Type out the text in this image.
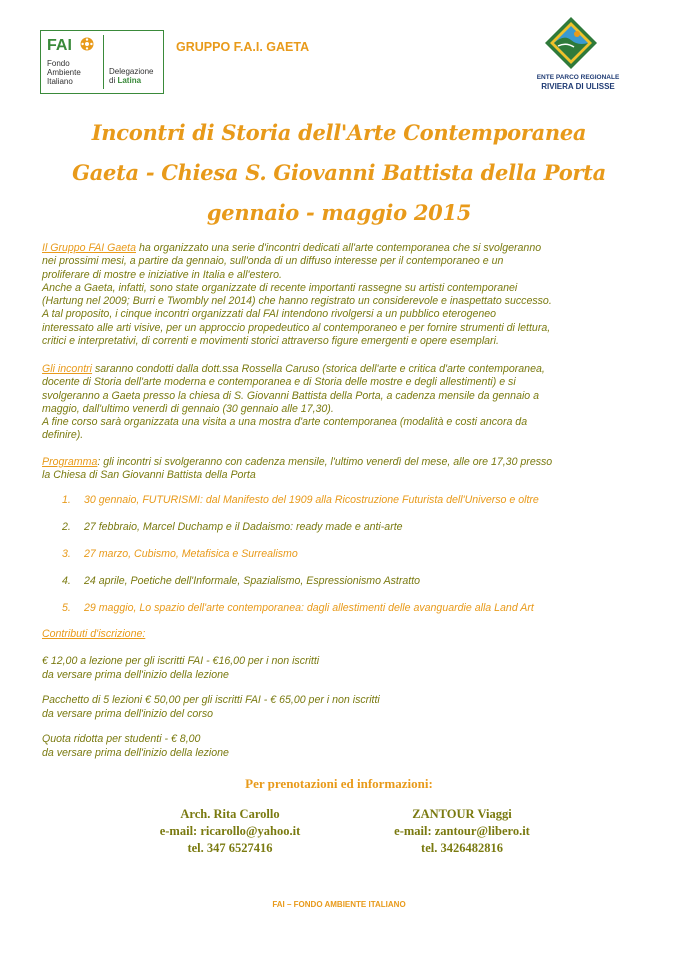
FAI
Fondo
Ambiente
Italiano
Delegazione
di Latina
GRUPPO F.A.I. GAETA
ENTE PARCO REGIONALE
RIVIERA DI ULISSE
Incontri di Storia dell'Arte Contemporanea
Gaeta - Chiesa S. Giovanni Battista della Porta
gennaio - maggio 2015
Il Gruppo FAI Gaeta ha organizzato una serie d'incontri dedicati all'arte contemporanea che si svolgeranno
nei prossimi mesi, a partire da gennaio, sull'onda di un diffuso interesse per il contemporaneo e un
proliferare di mostre e iniziative in Italia e all'estero.
Anche a Gaeta, infatti, sono state organizzate di recente importanti rassegne su artisti contemporanei
(Hartung nel 2009; Burri e Twombly nel 2014) che hanno registrato un considerevole e inaspettato successo.
A tal proposito, i cinque incontri organizzati dal FAI intendono rivolgersi a un pubblico eterogeneo
interessato alle arti visive, per un approccio propedeutico al contemporaneo e per fornire strumenti di lettura,
critici e interpretativi, di correnti e movimenti storici attraverso figure emergenti e opere esemplari.
Gli incontri saranno condotti dalla dott.ssa Rossella Caruso (storica dell'arte e critica d'arte contemporanea,
docente di Storia dell'arte moderna e contemporanea e di Storia delle mostre e degli allestimenti) e si
svolgeranno a Gaeta presso la chiesa di S. Giovanni Battista della Porta, a cadenza mensile da gennaio a
maggio, dall'ultimo venerdì di gennaio (30 gennaio alle 17,30).
A fine corso sarà organizzata una visita a una mostra d'arte contemporanea (modalità e costi ancora da
definire).
Programma: gli incontri si svolgeranno con cadenza mensile, l'ultimo venerdì del mese, alle ore 17,30 presso
la Chiesa di San Giovanni Battista della Porta
1. 30 gennaio, FUTURISMI: dal Manifesto del 1909 alla Ricostruzione Futurista dell'Universo e oltre
2. 27 febbraio, Marcel Duchamp e il Dadaismo: ready made e anti-arte
3. 27 marzo, Cubismo, Metafisica e Surrealismo
4. 24 aprile, Poetiche dell'Informale, Spazialismo, Espressionismo Astratto
5. 29 maggio, Lo spazio dell'arte contemporanea: dagli allestimenti delle avanguardie alla Land Art
Contributi d'iscrizione:
€ 12,00 a lezione per gli iscritti FAI - €16,00 per i non iscritti
da versare prima dell'inizio della lezione
Pacchetto di 5 lezioni € 50,00 per gli iscritti FAI - € 65,00 per i non iscritti
da versare prima dell'inizio del corso
Quota ridotta per studenti - € 8,00
da versare prima dell'inizio della lezione
Per prenotazioni ed informazioni:
Arch. Rita Carollo
e-mail: ricarollo@yahoo.it
tel. 347 6527416
ZANTOUR Viaggi
e-mail: zantour@libero.it
tel. 3426482816
FAI – FONDO AMBIENTE ITALIANO
